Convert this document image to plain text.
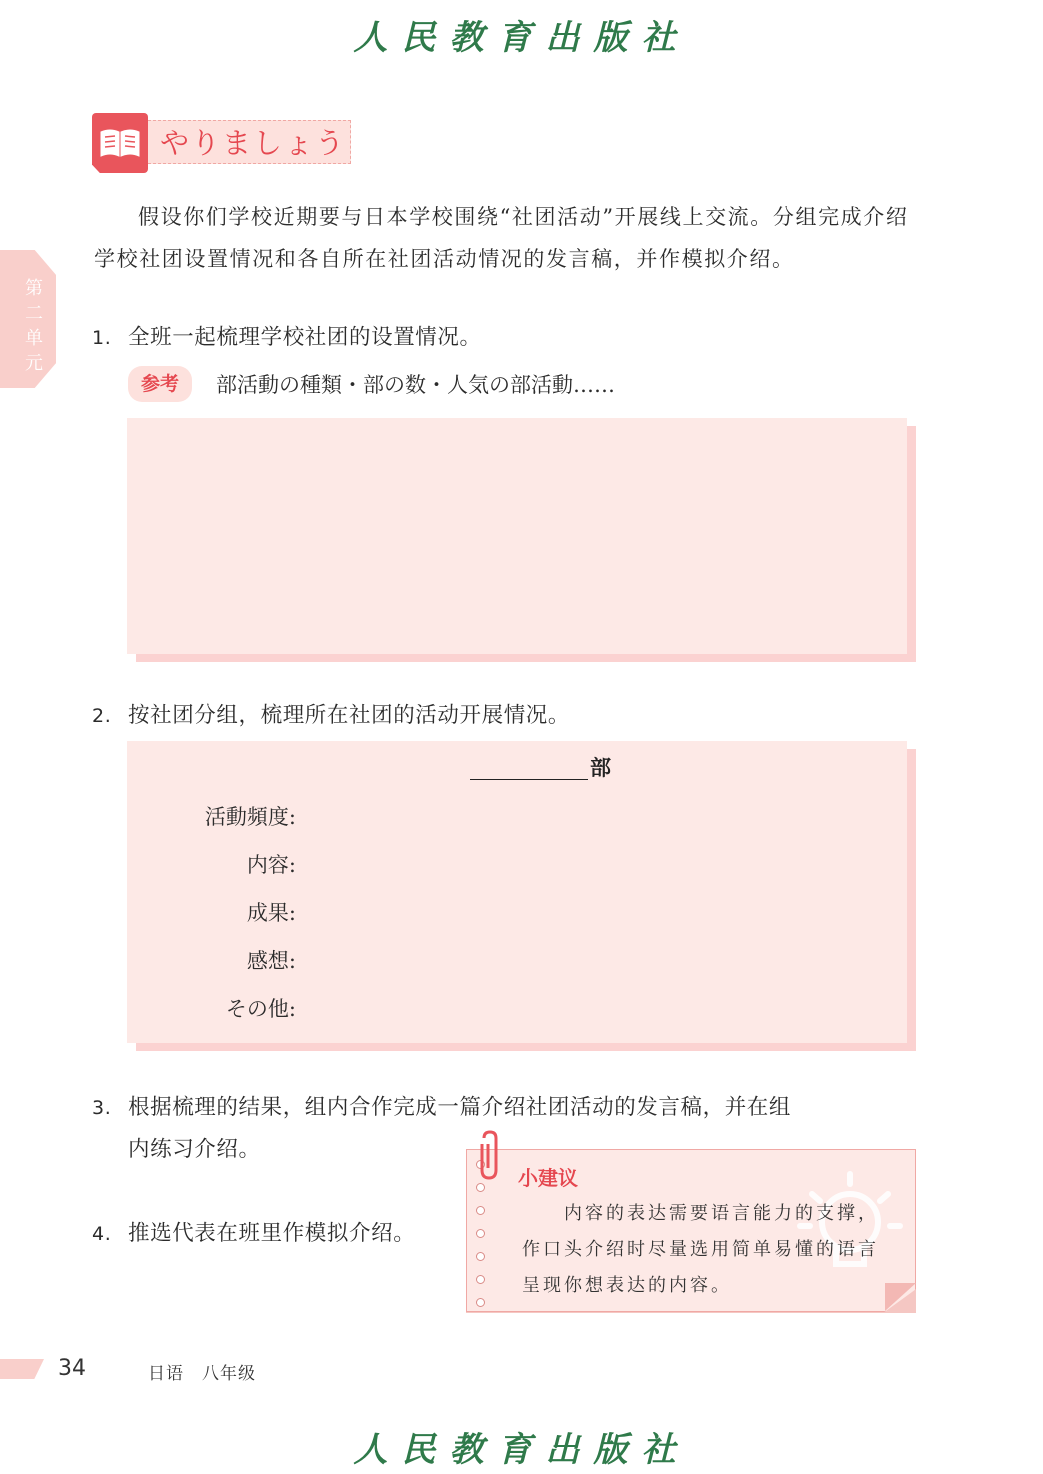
人民教育出版社
第二单元
やりましょう
假设你们学校近期要与日本学校围绕“社团活动”开展线上交流。分组完成介绍学校社团设置情况和各自所在社团活动情况的发言稿，并作模拟介绍。
1. 全班一起梳理学校社团的设置情况。
参考	部活動の種類・部の数・人気の部活動……
2. 按社团分组，梳理所在社团的活动开展情况。
部
活動頻度:
内容:
成果:
感想:
その他:
3. 根据梳理的结果，组内合作完成一篇介绍社团活动的发言稿，并在组
内练习介绍。
4. 推选代表在班里作模拟介绍。
小建议
内容的表达需要语言能力的支撑，作口头介绍时尽量选用简单易懂的语言呈现你想表达的内容。
34	日语　八年级
人民教育出版社
